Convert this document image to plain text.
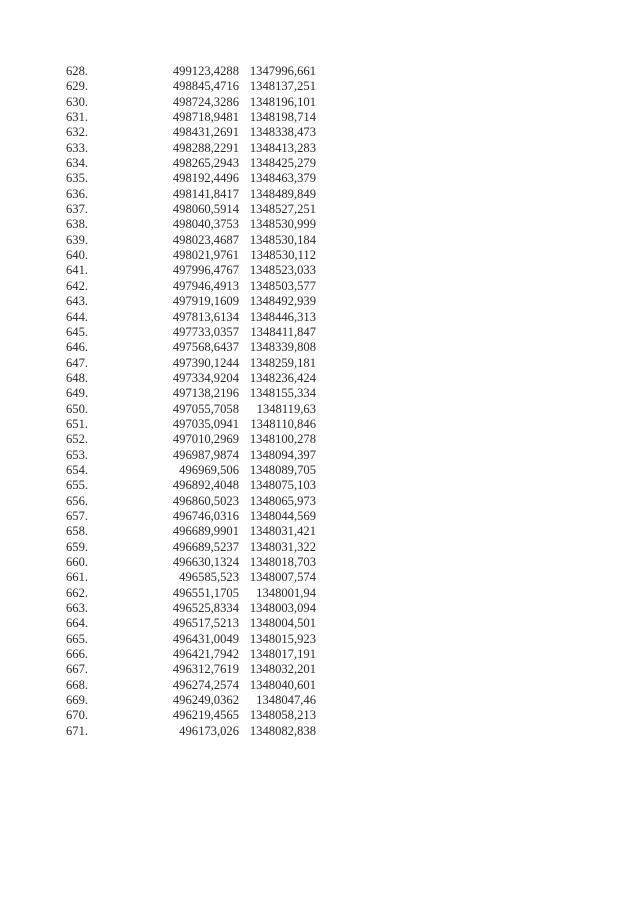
628.	499123,4288 1347996,661
629.	498845,4716 1348137,251
630.	498724,3286 1348196,101
631.	498718,9481 1348198,714
632.	498431,2691 1348338,473
633.	498288,2291 1348413,283
634.	498265,2943 1348425,279
635.	498192,4496 1348463,379
636.	498141,8417 1348489,849
637.	498060,5914 1348527,251
638.	498040,3753 1348530,999
639.	498023,4687 1348530,184
640.	498021,9761 1348530,112
641.	497996,4767 1348523,033
642.	497946,4913 1348503,577
643.	497919,1609 1348492,939
644.	497813,6134 1348446,313
645.	497733,0357 1348411,847
646.	497568,6437 1348339,808
647.	497390,1244 1348259,181
648.	497334,9204 1348236,424
649.	497138,2196 1348155,334
650.	497055,7058	1348119,63
651.	497035,0941 1348110,846
652.	497010,2969 1348100,278
653.	496987,9874 1348094,397
654.	496969,506 1348089,705
655.	496892,4048 1348075,103
656.	496860,5023 1348065,973
657.	496746,0316 1348044,569
658.	496689,9901 1348031,421
659.	496689,5237 1348031,322
660.	496630,1324 1348018,703
661.	496585,523 1348007,574
662.	496551,1705	1348001,94
663.	496525,8334 1348003,094
664.	496517,5213 1348004,501
665.	496431,0049 1348015,923
666.	496421,7942 1348017,191
667.	496312,7619 1348032,201
668.	496274,2574 1348040,601
669.	496249,0362	1348047,46
670.	496219,4565 1348058,213
671.	496173,026 1348082,838
